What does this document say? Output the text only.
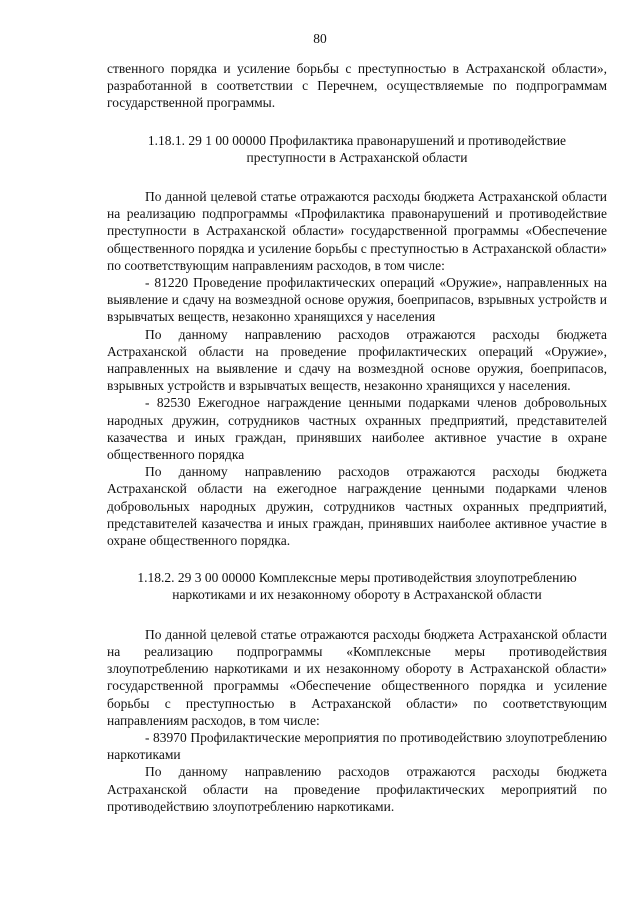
80

ственного порядка и усиление борьбы с преступностью в Астраханской области», разработанной в соответствии с Перечнем, осуществляемые по подпрограммам государственной программы.

1.18.1. 29 1 00 00000 Профилактика правонарушений и противодействие преступности в Астраханской области

По данной целевой статье отражаются расходы бюджета Астраханской области на реализацию подпрограммы «Профилактика правонарушений и противодействие преступности в Астраханской области» государственной программы «Обеспечение общественного порядка и усиление борьбы с преступностью в Астраханской области» по соответствующим направлениям расходов, в том числе:

- 81220 Проведение профилактических операций «Оружие», направленных на выявление и сдачу на возмездной основе оружия, боеприпасов, взрывных устройств и взрывчатых веществ, незаконно хранящихся у населения

По данному направлению расходов отражаются расходы бюджета Астраханской области на проведение профилактических операций «Оружие», направленных на выявление и сдачу на возмездной основе оружия, боеприпасов, взрывных устройств и взрывчатых веществ, незаконно хранящихся у населения.

- 82530 Ежегодное награждение ценными подарками членов добровольных народных дружин, сотрудников частных охранных предприятий, представителей казачества и иных граждан, принявших наиболее активное участие в охране общественного порядка

По данному направлению расходов отражаются расходы бюджета Астраханской области на ежегодное награждение ценными подарками членов добровольных народных дружин, сотрудников частных охранных предприятий, представителей казачества и иных граждан, принявших наиболее активное участие в охране общественного порядка.

1.18.2. 29 3 00 00000 Комплексные меры противодействия злоупотреблению наркотиками и их незаконному обороту в Астраханской области

По данной целевой статье отражаются расходы бюджета Астраханской области на реализацию подпрограммы «Комплексные меры противодействия злоупотреблению наркотиками и их незаконному обороту в Астраханской области» государственной программы «Обеспечение общественного порядка и усиление борьбы с преступностью в Астраханской области» по соответствующим направлениям расходов, в том числе:

- 83970 Профилактические мероприятия по противодействию злоупотреблению наркотиками

По данному направлению расходов отражаются расходы бюджета Астраханской области на проведение профилактических мероприятий по противодействию злоупотреблению наркотиками.
